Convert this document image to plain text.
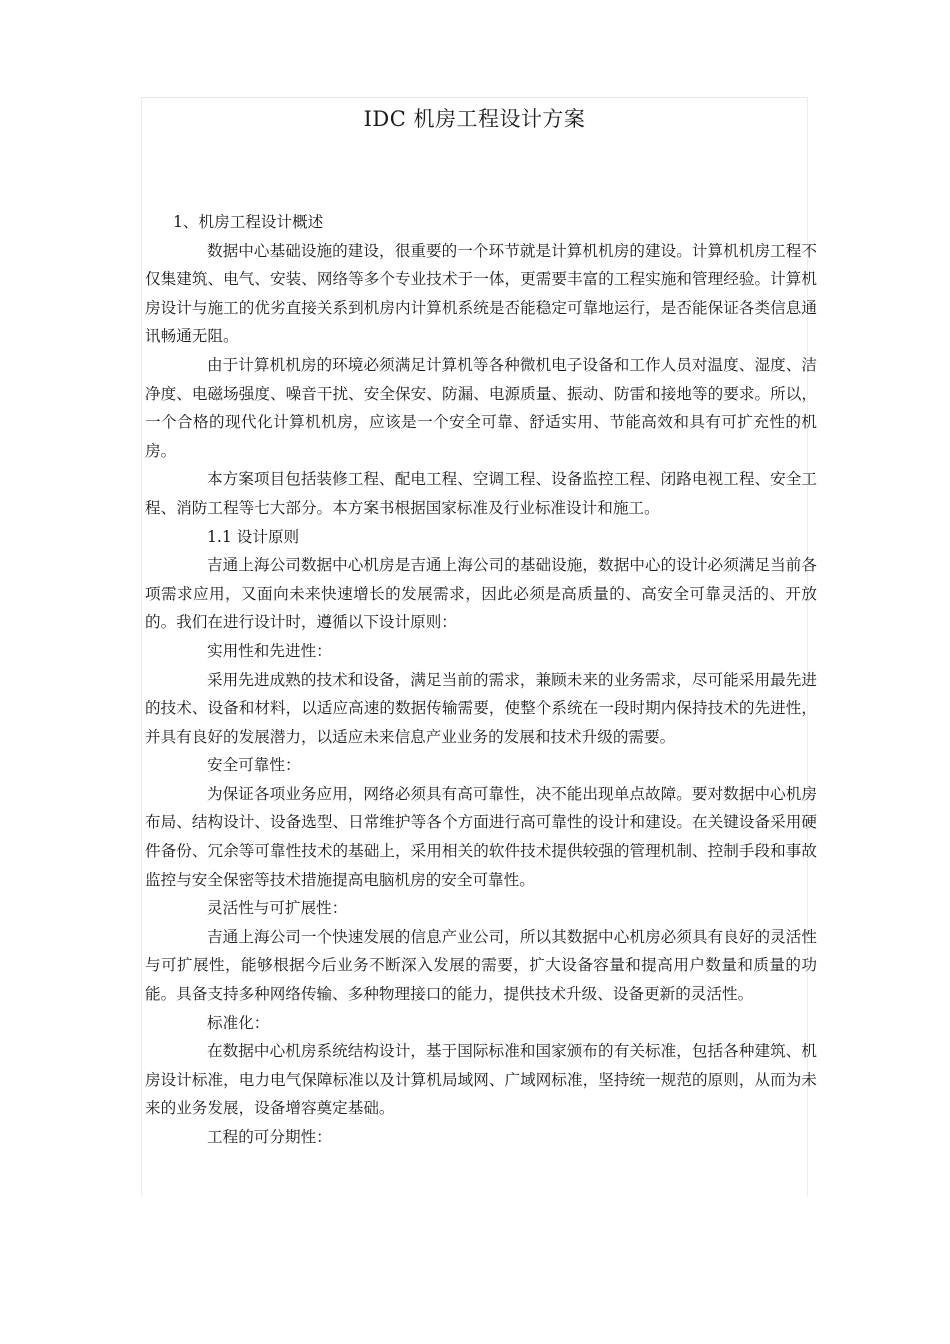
IDC 机房工程设计方案

1、机房工程设计概述

数据中心基础设施的建设，很重要的一个环节就是计算机机房的建设。计算机机房工程不仅集建筑、电气、安装、网络等多个专业技术于一体，更需要丰富的工程实施和管理经验。计算机房设计与施工的优劣直接关系到机房内计算机系统是否能稳定可靠地运行，是否能保证各类信息通讯畅通无阻。

由于计算机机房的环境必须满足计算机等各种微机电子设备和工作人员对温度、湿度、洁净度、电磁场强度、噪音干扰、安全保安、防漏、电源质量、振动、防雷和接地等的要求。所以，一个合格的现代化计算机机房，应该是一个安全可靠、舒适实用、节能高效和具有可扩充性的机房。

本方案项目包括装修工程、配电工程、空调工程、设备监控工程、闭路电视工程、安全工程、消防工程等七大部分。本方案书根据国家标准及行业标准设计和施工。

1.1 设计原则

吉通上海公司数据中心机房是吉通上海公司的基础设施，数据中心的设计必须满足当前各项需求应用，又面向未来快速增长的发展需求，因此必须是高质量的、高安全可靠灵活的、开放的。我们在进行设计时，遵循以下设计原则：

实用性和先进性：

采用先进成熟的技术和设备，满足当前的需求，兼顾未来的业务需求，尽可能采用最先进的技术、设备和材料，以适应高速的数据传输需要，使整个系统在一段时期内保持技术的先进性，并具有良好的发展潜力，以适应未来信息产业业务的发展和技术升级的需要。

安全可靠性：

为保证各项业务应用，网络必须具有高可靠性，决不能出现单点故障。要对数据中心机房布局、结构设计、设备选型、日常维护等各个方面进行高可靠性的设计和建设。在关键设备采用硬件备份、冗余等可靠性技术的基础上，采用相关的软件技术提供较强的管理机制、控制手段和事故监控与安全保密等技术措施提高电脑机房的安全可靠性。

灵活性与可扩展性：

吉通上海公司一个快速发展的信息产业公司，所以其数据中心机房必须具有良好的灵活性与可扩展性，能够根据今后业务不断深入发展的需要，扩大设备容量和提高用户数量和质量的功能。具备支持多种网络传输、多种物理接口的能力，提供技术升级、设备更新的灵活性。

标准化：

在数据中心机房系统结构设计，基于国际标准和国家颁布的有关标准，包括各种建筑、机房设计标准，电力电气保障标准以及计算机局域网、广域网标准，坚持统一规范的原则，从而为未来的业务发展，设备增容奠定基础。

工程的可分期性：
